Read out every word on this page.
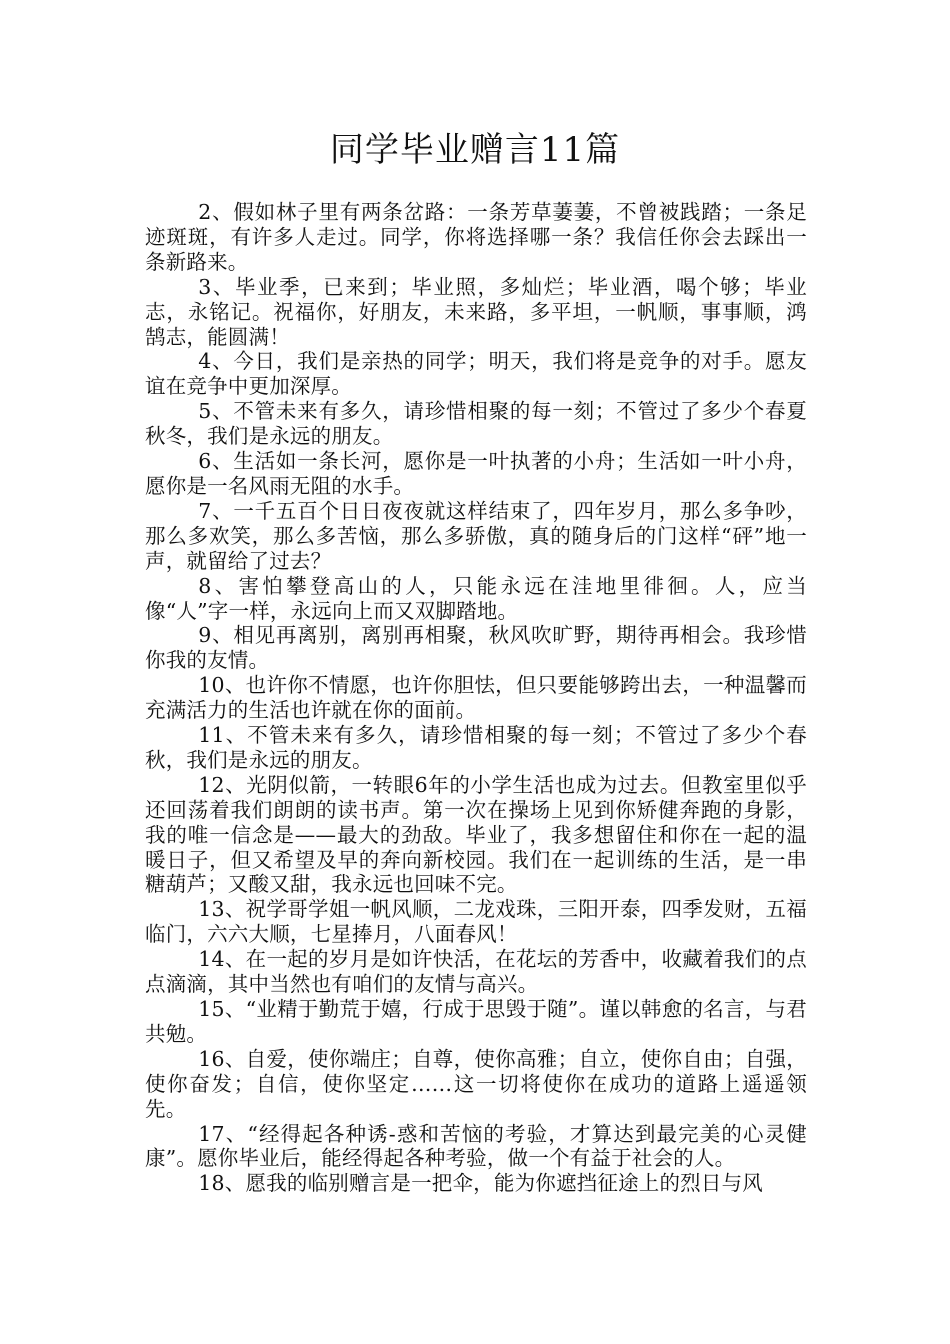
同学毕业赠言11篇

2、假如林子里有两条岔路：一条芳草萋萋，不曾被践踏；一条足迹斑斑，有许多人走过。同学，你将选择哪一条？我信任你会去踩出一条新路来。

3、毕业季，已来到；毕业照，多灿烂；毕业酒，喝个够；毕业志，永铭记。祝福你，好朋友，未来路，多平坦，一帆顺，事事顺，鸿鹄志，能圆满！

4、今日，我们是亲热的同学；明天，我们将是竞争的对手。愿友谊在竞争中更加深厚。

5、不管未来有多久，请珍惜相聚的每一刻；不管过了多少个春夏秋冬，我们是永远的朋友。

6、生活如一条长河，愿你是一叶执著的小舟；生活如一叶小舟，愿你是一名风雨无阻的水手。

7、一千五百个日日夜夜就这样结束了，四年岁月，那么多争吵，那么多欢笑，那么多苦恼，那么多骄傲，真的随身后的门这样“砰”地一声，就留给了过去？

8、害怕攀登高山的人，只能永远在洼地里徘徊。人，应当像“人”字一样，永远向上而又双脚踏地。

9、相见再离别，离别再相聚，秋风吹旷野，期待再相会。我珍惜你我的友情。

10、也许你不情愿，也许你胆怯，但只要能够跨出去，一种温馨而充满活力的生活也许就在你的面前。

11、不管未来有多久，请珍惜相聚的每一刻；不管过了多少个春秋，我们是永远的朋友。

12、光阴似箭，一转眼6年的小学生活也成为过去。但教室里似乎还回荡着我们朗朗的读书声。第一次在操场上见到你矫健奔跑的身影，我的唯一信念是——最大的劲敌。毕业了，我多想留住和你在一起的温暖日子，但又希望及早的奔向新校园。我们在一起训练的生活，是一串糖葫芦；又酸又甜，我永远也回味不完。

13、祝学哥学姐一帆风顺，二龙戏珠，三阳开泰，四季发财，五福临门，六六大顺，七星捧月，八面春风！

14、在一起的岁月是如许快活，在花坛的芳香中，收藏着我们的点点滴滴，其中当然也有咱们的友情与高兴。

15、“业精于勤荒于嬉，行成于思毁于随”。谨以韩愈的名言，与君共勉。

16、自爱，使你端庄；自尊，使你高雅；自立，使你自由；自强，使你奋发；自信，使你坚定……这一切将使你在成功的道路上遥遥领先。

17、“经得起各种诱-惑和苦恼的考验，才算达到最完美的心灵健康”。愿你毕业后，能经得起各种考验，做一个有益于社会的人。

18、愿我的临别赠言是一把伞，能为你遮挡征途上的烈日与风
